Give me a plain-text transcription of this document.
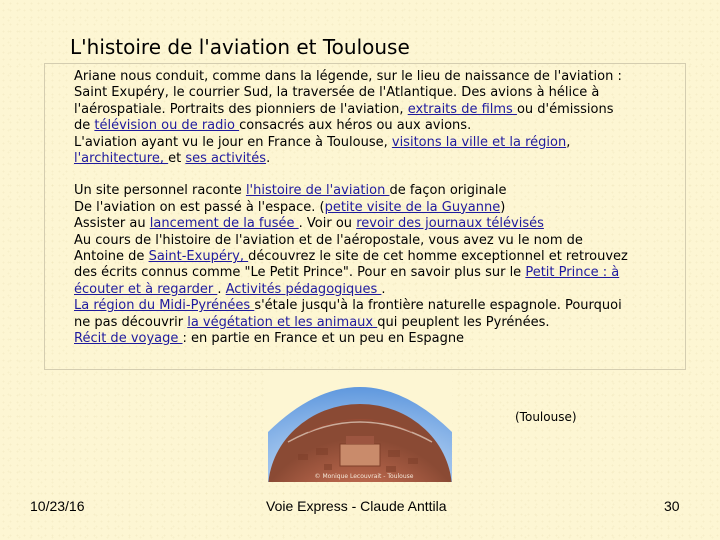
L'histoire de l'aviation et Toulouse

Ariane nous conduit, comme dans la légende, sur le lieu de naissance de l'aviation :

Saint Exupéry, le courrier Sud, la traversée de l'Atlantique. Des avions à hélice à

l'aérospatiale. Portraits des pionniers de l'aviation, extraits de films ou d'émissions

de télévision ou de radio consacrés aux héros ou aux avions.

L'aviation ayant vu le jour en France à Toulouse, visitons la ville et la région,

l'architecture, et ses activités.

Un site personnel raconte l'histoire de l'aviation de façon originale

De l'aviation on est passé à l'espace. (petite visite de la Guyanne)

Assister au lancement de la fusée . Voir ou revoir des journaux télévisés

Au cours de l'histoire de l'aviation et de l'aéropostale, vous avez vu le nom de

Antoine de Saint-Exupéry, découvrez le site de cet homme exceptionnel et retrouvez

des écrits connus comme "Le Petit Prince". Pour en savoir plus sur le Petit Prince : à

écouter et à regarder . Activités pédagogiques .

La région du Midi-Pyrénées s'étale jusqu'à la frontière naturelle espagnole. Pourquoi

ne pas découvrir la végétation et les animaux qui peuplent les Pyrénées.

Récit de voyage : en partie en France et un peu en Espagne

© Monique Lecouvrait - Toulouse
(Toulouse)
10/23/16	Voie Express - Claude Anttila	30
